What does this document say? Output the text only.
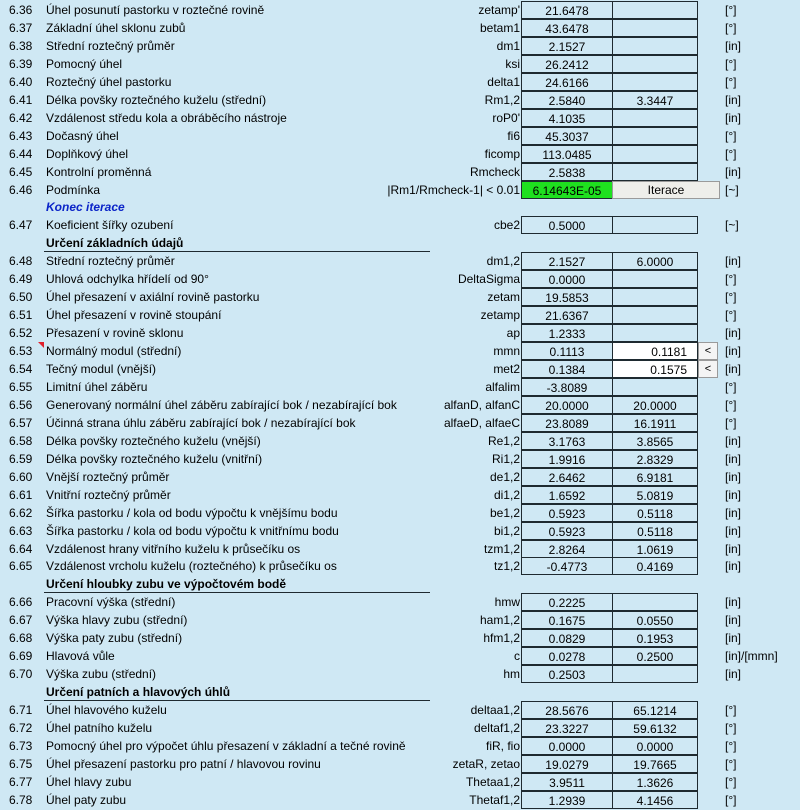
6.36	Úhel posunutí pastorku v roztečné rovině	zetamp'	21.6478	[°]
6.37	Základní úhel sklonu zubů	betam1	43.6478	[°]
6.38	Střední roztečný průměr	dm1	2.1527	[in]
6.39	Pomocný úhel	ksi	26.2412	[°]
6.40	Roztečný úhel pastorku	delta1	24.6166	[°]
6.41	Délka povšky roztečného kuželu (střední)	Rm1,2	2.5840	3.3447	[in]
6.42	Vzdálenost středu kola a obráběcího nástroje	roP0'	4.1035	[in]
6.43	Dočasný úhel	fi6	45.3037	[°]
6.44	Doplňkový úhel	ficomp	113.0485	[°]
6.45	Kontrolní proměnná	Rmcheck	2.5838	[in]
6.46	Podmínka	|Rm1/Rmcheck-1| < 0.01	6.14643E-05	Iterace	[~]
Konec iterace
6.47	Koeficient šířky ozubení	cbe2	0.5000	[~]
Určení základních údajů
6.48	Střední roztečný průměr	dm1,2	2.1527	6.0000	[in]
6.49	Uhlová odchylka hřídelí od 90°	DeltaSigma	0.0000	[°]
6.50	Úhel přesazení v axiální rovině pastorku	zetam	19.5853	[°]
6.51	Úhel přesazení v rovině stoupání	zetamp	21.6367	[°]
6.52	Přesazení v rovině sklonu	ap	1.2333	[in]
6.53	Normálný modul (střední)	mmn	0.1113	0.1181	<	[in]
6.54	Tečný modul (vnější)	met2	0.1384	0.1575	<	[in]
6.55	Limitní úhel záběru	alfalim	-3.8089	[°]
6.56	Generovaný normální úhel záběru zabírající bok / nezabírající bok	alfanD, alfanC	20.0000	20.0000	[°]
6.57	Účinná strana úhlu záběru zabírající bok / nezabírající bok	alfaeD, alfaeC	23.8089	16.1911	[°]
6.58	Délka povšky roztečného kuželu (vnější)	Re1,2	3.1763	3.8565	[in]
6.59	Délka povšky roztečného kuželu (vnitřní)	Ri1,2	1.9916	2.8329	[in]
6.60	Vnější roztečný průměr	de1,2	2.6462	6.9181	[in]
6.61	Vnitřní roztečný průměr	di1,2	1.6592	5.0819	[in]
6.62	Šířka pastorku / kola od bodu výpočtu k vnějšímu bodu	be1,2	0.5923	0.5118	[in]
6.63	Šířka pastorku / kola od bodu výpočtu k vnitřnímu bodu	bi1,2	0.5923	0.5118	[in]
6.64	Vzdálenost hrany vitřního kuželu k průsečíku os	tzm1,2	2.8264	1.0619	[in]
6.65	Vzdálenost vrcholu kuželu (roztečného) k průsečíku os	tz1,2	-0.4773	0.4169	[in]
Určení hloubky zubu ve výpočtovém bodě
6.66	Pracovní výška (střední)	hmw	0.2225	[in]
6.67	Výška hlavy zubu (střední)	ham1,2	0.1675	0.0550	[in]
6.68	Výška paty zubu (střední)	hfm1,2	0.0829	0.1953	[in]
6.69	Hlavová vůle	c	0.0278	0.2500	[in]/[mmn]
6.70	Výška zubu (střední)	hm	0.2503	[in]
Určení patních a hlavových úhlů
6.71	Úhel hlavového kuželu	deltaa1,2	28.5676	65.1214	[°]
6.72	Úhel patního kuželu	deltaf1,2	23.3227	59.6132	[°]
6.73	Pomocný úhel pro výpočet úhlu přesazení v základní a tečné rovině	fiR, fio	0.0000	0.0000	[°]
6.75	Úhel přesazení pastorku pro patní / hlavovou rovinu	zetaR, zetao	19.0279	19.7665	[°]
6.77	Úhel hlavy zubu	Thetaa1,2	3.9511	1.3626	[°]
6.78	Úhel paty zubu	Thetaf1,2	1.2939	4.1456	[°]
